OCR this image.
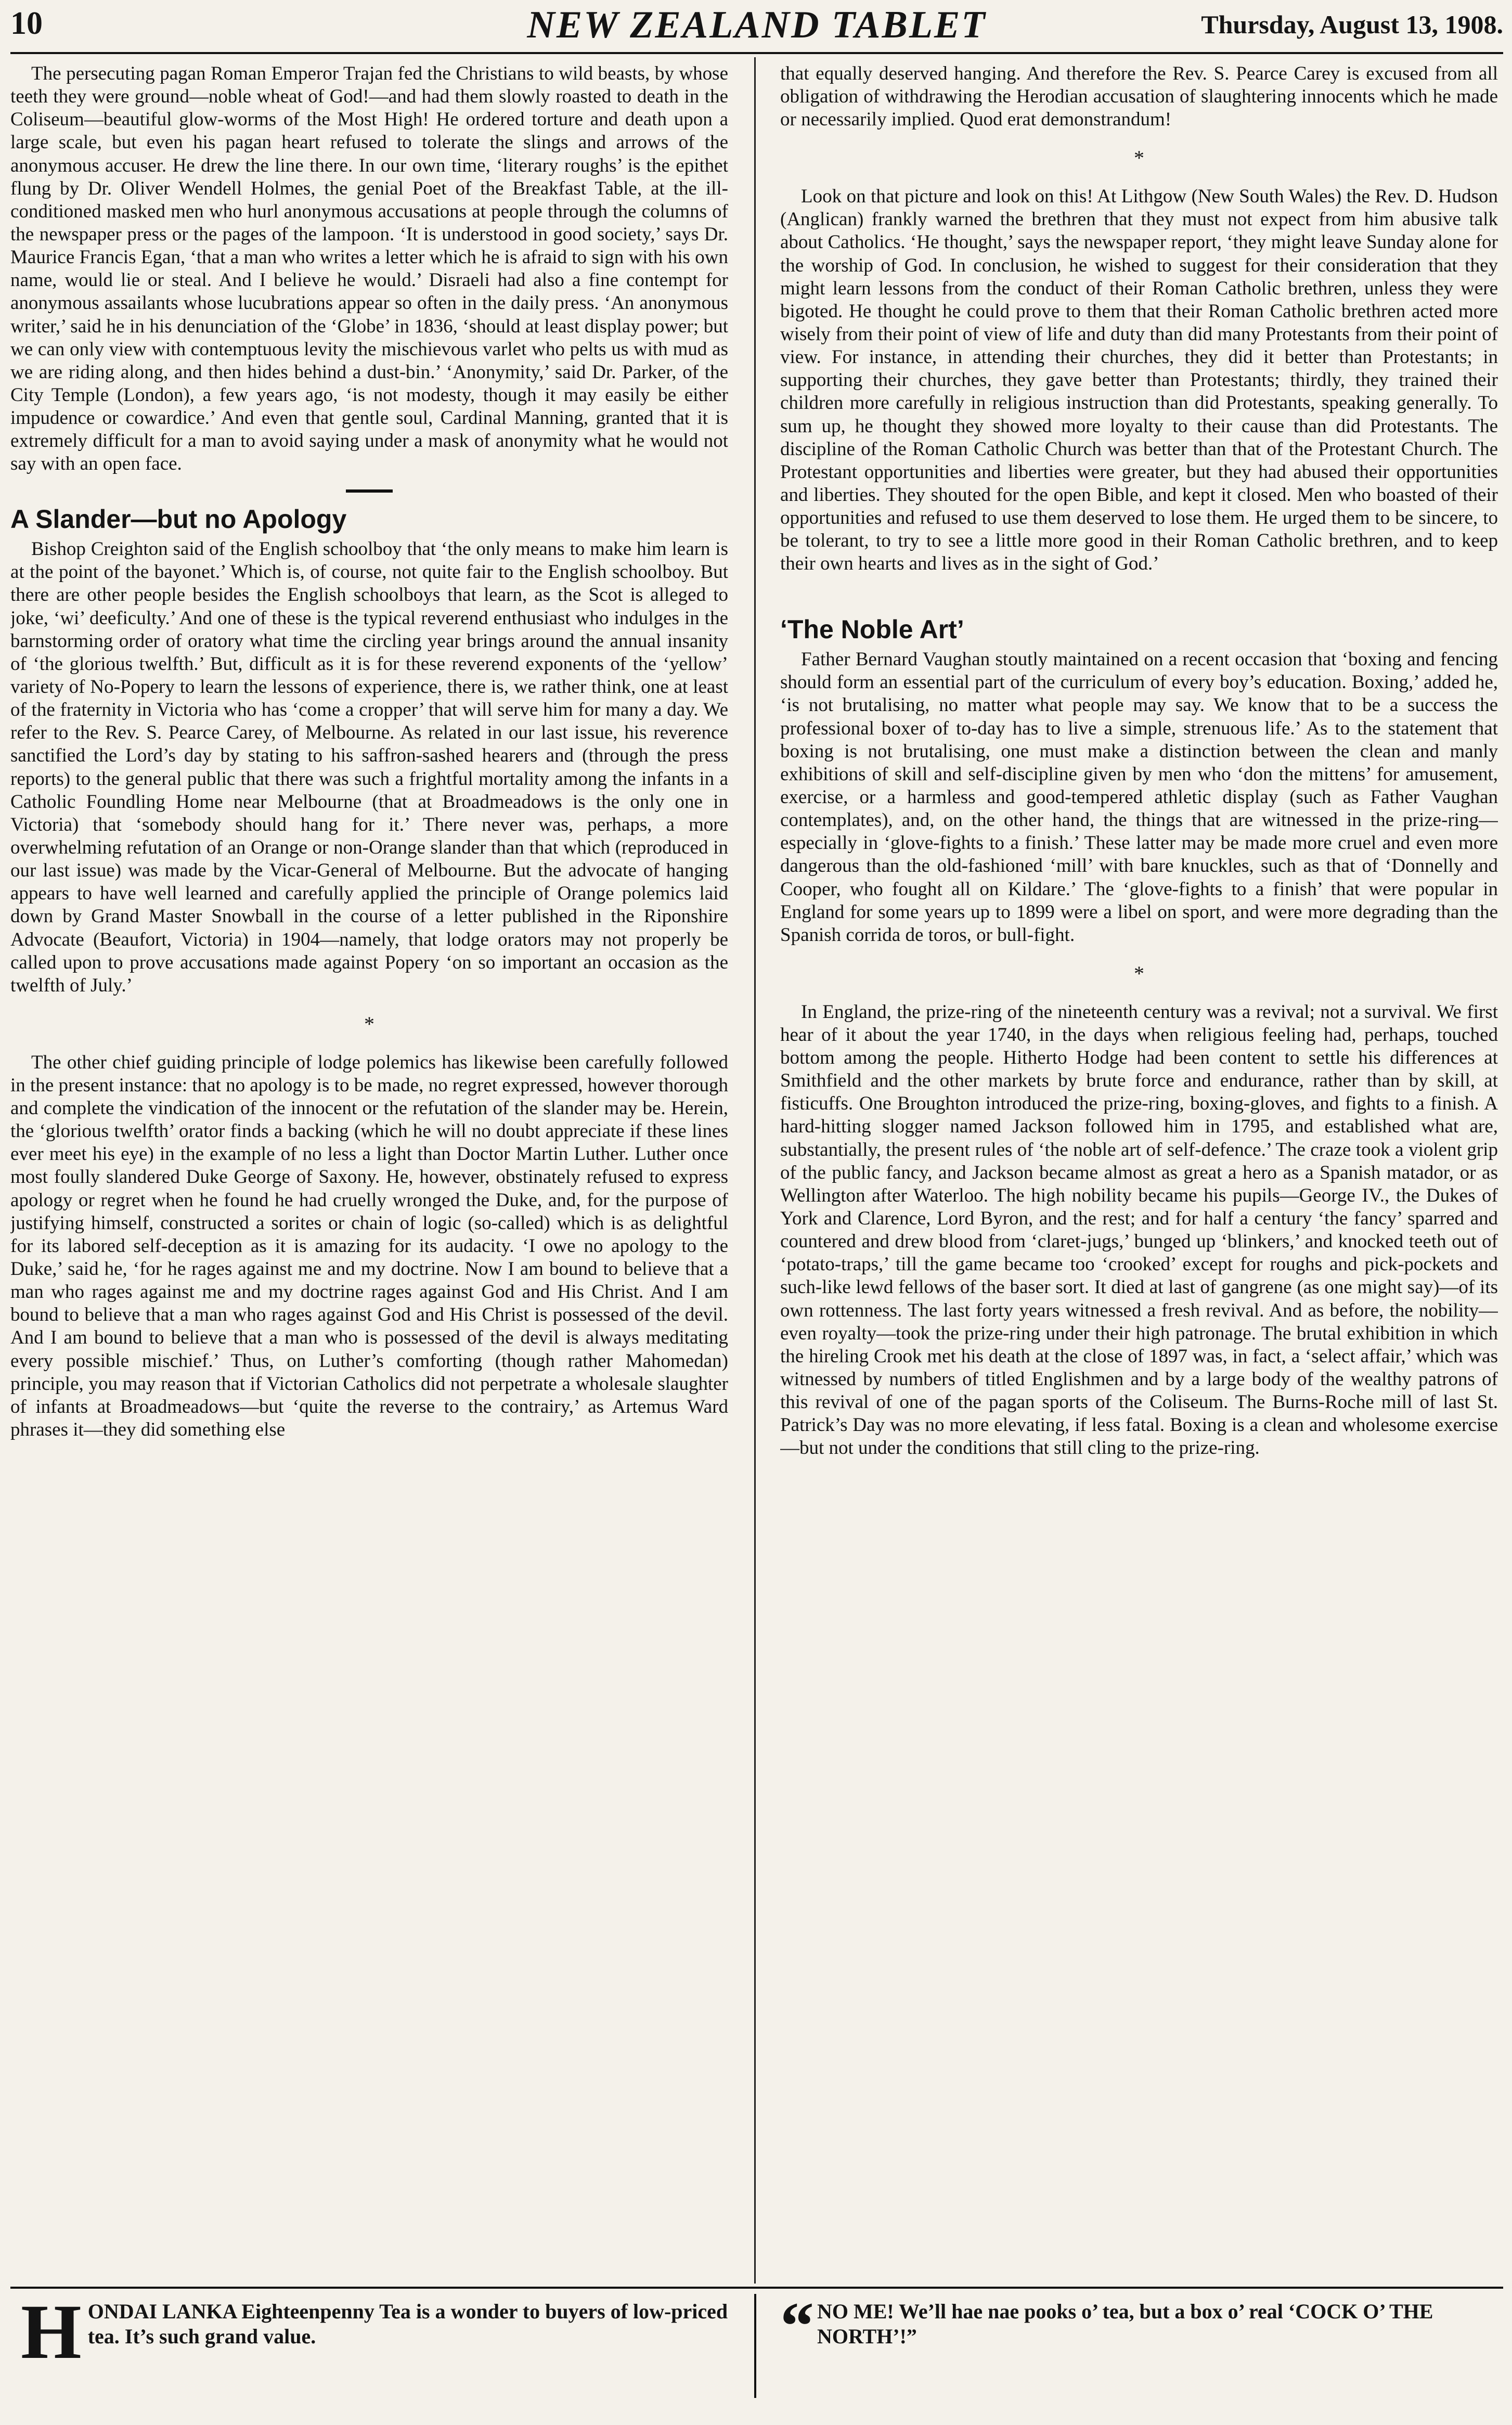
10	NEW ZEALAND TABLET	Thursday, August 13, 1908.

The persecuting pagan Roman Emperor Trajan fed the Christians to wild beasts, by whose teeth they were ground—noble wheat of God!—and had them slowly roasted to death in the Coliseum—beautiful glow-worms of the Most High! He ordered torture and death upon a large scale, but even his pagan heart refused to tolerate the slings and arrows of the anonymous accuser. He drew the line there. In our own time, ‘literary roughs’ is the epithet flung by Dr. Oliver Wendell Holmes, the genial Poet of the Breakfast Table, at the ill-conditioned masked men who hurl anonymous accusations at people through the columns of the newspaper press or the pages of the lampoon. ‘It is understood in good society,’ says Dr. Maurice Francis Egan, ‘that a man who writes a letter which he is afraid to sign with his own name, would lie or steal. And I believe he would.’ Disraeli had also a fine contempt for anonymous assailants whose lucubrations appear so often in the daily press. ‘An anonymous writer,’ said he in his denunciation of the ‘Globe’ in 1836, ‘should at least display power; but we can only view with contemptuous levity the mischievous varlet who pelts us with mud as we are riding along, and then hides behind a dust-bin.’ ‘Anonymity,’ said Dr. Parker, of the City Temple (London), a few years ago, ‘is not modesty, though it may easily be either impudence or cowardice.’ And even that gentle soul, Cardinal Manning, granted that it is extremely difficult for a man to avoid saying under a mask of anonymity what he would not say with an open face.

A Slander—but no Apology

Bishop Creighton said of the English schoolboy that ‘the only means to make him learn is at the point of the bayonet.’ Which is, of course, not quite fair to the English schoolboy. But there are other people besides the English schoolboys that learn, as the Scot is alleged to joke, ‘wi’ deeficulty.’ And one of these is the typical reverend enthusiast who indulges in the barnstorming order of oratory what time the circling year brings around the annual insanity of ‘the glorious twelfth.’ But, difficult as it is for these reverend exponents of the ‘yellow’ variety of No-Popery to learn the lessons of experience, there is, we rather think, one at least of the fraternity in Victoria who has ‘come a cropper’ that will serve him for many a day. We refer to the Rev. S. Pearce Carey, of Melbourne. As related in our last issue, his reverence sanctified the Lord’s day by stating to his saffron-sashed hearers and (through the press reports) to the general public that there was such a frightful mortality among the infants in a Catholic Foundling Home near Melbourne (that at Broadmeadows is the only one in Victoria) that ‘somebody should hang for it.’ There never was, perhaps, a more overwhelming refutation of an Orange or non-Orange slander than that which (reproduced in our last issue) was made by the Vicar-General of Melbourne. But the advocate of hanging appears to have well learned and carefully applied the principle of Orange polemics laid down by Grand Master Snowball in the course of a letter published in the Riponshire Advocate (Beaufort, Victoria) in 1904—namely, that lodge orators may not properly be called upon to prove accusations made against Popery ‘on so important an occasion as the twelfth of July.’

*

The other chief guiding principle of lodge polemics has likewise been carefully followed in the present instance: that no apology is to be made, no regret expressed, however thorough and complete the vindication of the innocent or the refutation of the slander may be. Herein, the ‘glorious twelfth’ orator finds a backing (which he will no doubt appreciate if these lines ever meet his eye) in the example of no less a light than Doctor Martin Luther. Luther once most foully slandered Duke George of Saxony. He, however, obstinately refused to express apology or regret when he found he had cruelly wronged the Duke, and, for the purpose of justifying himself, constructed a sorites or chain of logic (so-called) which is as delightful for its labored self-deception as it is amazing for its audacity. ‘I owe no apology to the Duke,’ said he, ‘for he rages against me and my doctrine. Now I am bound to believe that a man who rages against me and my doctrine rages against God and His Christ. And I am bound to believe that a man who rages against God and His Christ is possessed of the devil. And I am bound to believe that a man who is possessed of the devil is always meditating every possible mischief.’ Thus, on Luther’s comforting (though rather Mahomedan) principle, you may reason that if Victorian Catholics did not perpetrate a wholesale slaughter of infants at Broadmeadows—but ‘quite the reverse to the contrairy,’ as Artemus Ward phrases it—they did something else

that equally deserved hanging. And therefore the Rev. S. Pearce Carey is excused from all obligation of withdrawing the Herodian accusation of slaughtering innocents which he made or necessarily implied. Quod erat demonstrandum!

*

Look on that picture and look on this! At Lithgow (New South Wales) the Rev. D. Hudson (Anglican) frankly warned the brethren that they must not expect from him abusive talk about Catholics. ‘He thought,’ says the newspaper report, ‘they might leave Sunday alone for the worship of God. In conclusion, he wished to suggest for their consideration that they might learn lessons from the conduct of their Roman Catholic brethren, unless they were bigoted. He thought he could prove to them that their Roman Catholic brethren acted more wisely from their point of view of life and duty than did many Protestants from their point of view. For instance, in attending their churches, they did it better than Protestants; in supporting their churches, they gave better than Protestants; thirdly, they trained their children more carefully in religious instruction than did Protestants, speaking generally. To sum up, he thought they showed more loyalty to their cause than did Protestants. The discipline of the Roman Catholic Church was better than that of the Protestant Church. The Protestant opportunities and liberties were greater, but they had abused their opportunities and liberties. They shouted for the open Bible, and kept it closed. Men who boasted of their opportunities and refused to use them deserved to lose them. He urged them to be sincere, to be tolerant, to try to see a little more good in their Roman Catholic brethren, and to keep their own hearts and lives as in the sight of God.’

‘The Noble Art’

Father Bernard Vaughan stoutly maintained on a recent occasion that ‘boxing and fencing should form an essential part of the curriculum of every boy’s education. Boxing,’ added he, ‘is not brutalising, no matter what people may say. We know that to be a success the professional boxer of to-day has to live a simple, strenuous life.’ As to the statement that boxing is not brutalising, one must make a distinction between the clean and manly exhibitions of skill and self-discipline given by men who ‘don the mittens’ for amusement, exercise, or a harmless and good-tempered athletic display (such as Father Vaughan contemplates), and, on the other hand, the things that are witnessed in the prize-ring—especially in ‘glove-fights to a finish.’ These latter may be made more cruel and even more dangerous than the old-fashioned ‘mill’ with bare knuckles, such as that of ‘Donnelly and Cooper, who fought all on Kildare.’ The ‘glove-fights to a finish’ that were popular in England for some years up to 1899 were a libel on sport, and were more degrading than the Spanish corrida de toros, or bull-fight.

*

In England, the prize-ring of the nineteenth century was a revival; not a survival. We first hear of it about the year 1740, in the days when religious feeling had, perhaps, touched bottom among the people. Hitherto Hodge had been content to settle his differences at Smithfield and the other markets by brute force and endurance, rather than by skill, at fisticuffs. One Broughton introduced the prize-ring, boxing-gloves, and fights to a finish. A hard-hitting slogger named Jackson followed him in 1795, and established what are, substantially, the present rules of ‘the noble art of self-defence.’ The craze took a violent grip of the public fancy, and Jackson became almost as great a hero as a Spanish matador, or as Wellington after Waterloo. The high nobility became his pupils—George IV., the Dukes of York and Clarence, Lord Byron, and the rest; and for half a century ‘the fancy’ sparred and countered and drew blood from ‘claret-jugs,’ bunged up ‘blinkers,’ and knocked teeth out of ‘potato-traps,’ till the game became too ‘crooked’ except for roughs and pick-pockets and such-like lewd fellows of the baser sort. It died at last of gangrene (as one might say)—of its own rottenness. The last forty years witnessed a fresh revival. And as before, the nobility—even royalty—took the prize-ring under their high patronage. The brutal exhibition in which the hireling Crook met his death at the close of 1897 was, in fact, a ‘select affair,’ which was witnessed by numbers of titled Englishmen and by a large body of the wealthy patrons of this revival of one of the pagan sports of the Coliseum. The Burns-Roche mill of last St. Patrick’s Day was no more elevating, if less fatal. Boxing is a clean and wholesome exercise—but not under the conditions that still cling to the prize-ring.

H ONDAI LANKA Eighteenpenny Tea is a wonder to buyers of low-priced tea. It’s such grand value.	“ NO ME! We’ll hae nae pooks o’ tea, but a box o’ real ‘COCK O’ THE NORTH’!”
